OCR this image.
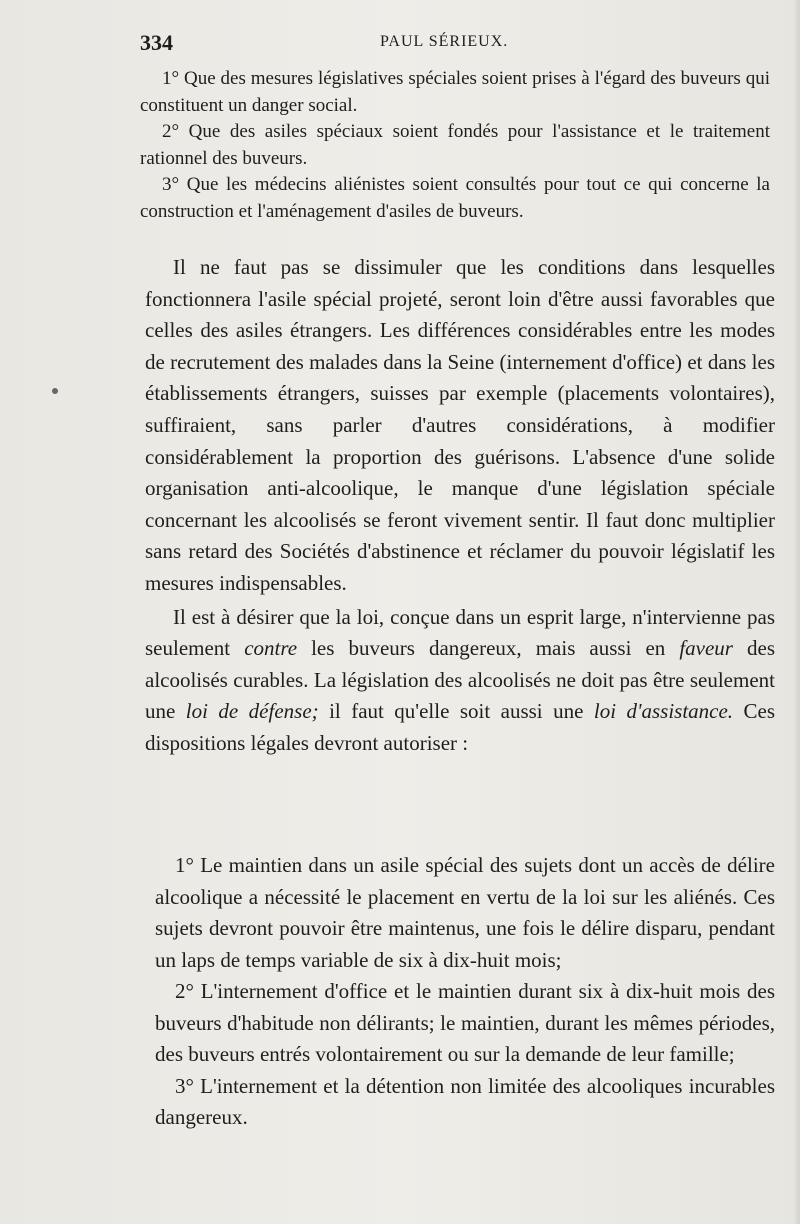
334	PAUL SÉRIEUX.

1° Que des mesures législatives spéciales soient prises à l'égard des buveurs qui constituent un danger social.

2° Que des asiles spéciaux soient fondés pour l'assistance et le traitement rationnel des buveurs.

3° Que les médecins aliénistes soient consultés pour tout ce qui concerne la construction et l'aménagement d'asiles de buveurs.

Il ne faut pas se dissimuler que les conditions dans lesquelles fonctionnera l'asile spécial projeté, seront loin d'être aussi favorables que celles des asiles étrangers. Les différences considérables entre les modes de recrutement des malades dans la Seine (internement d'office) et dans les établissements étrangers, suisses par exemple (placements volontaires), suffiraient, sans parler d'autres considérations, à modifier considérablement la proportion des guérisons. L'absence d'une solide organisation anti-alcoolique, le manque d'une législation spéciale concernant les alcoolisés se feront vivement sentir. Il faut donc multiplier sans retard des Sociétés d'abstinence et réclamer du pouvoir législatif les mesures indispensables.

Il est à désirer que la loi, conçue dans un esprit large, n'intervienne pas seulement contre les buveurs dangereux, mais aussi en faveur des alcoolisés curables. La législation des alcoolisés ne doit pas être seulement une loi de défense; il faut qu'elle soit aussi une loi d'assistance. Ces dispositions légales devront autoriser :

1° Le maintien dans un asile spécial des sujets dont un accès de délire alcoolique a nécessité le placement en vertu de la loi sur les aliénés. Ces sujets devront pouvoir être maintenus, une fois le délire disparu, pendant un laps de temps variable de six à dix-huit mois;

2° L'internement d'office et le maintien durant six à dix-huit mois des buveurs d'habitude non délirants; le maintien, durant les mêmes périodes, des buveurs entrés volontairement ou sur la demande de leur famille;

3° L'internement et la détention non limitée des alcooliques incurables dangereux.
